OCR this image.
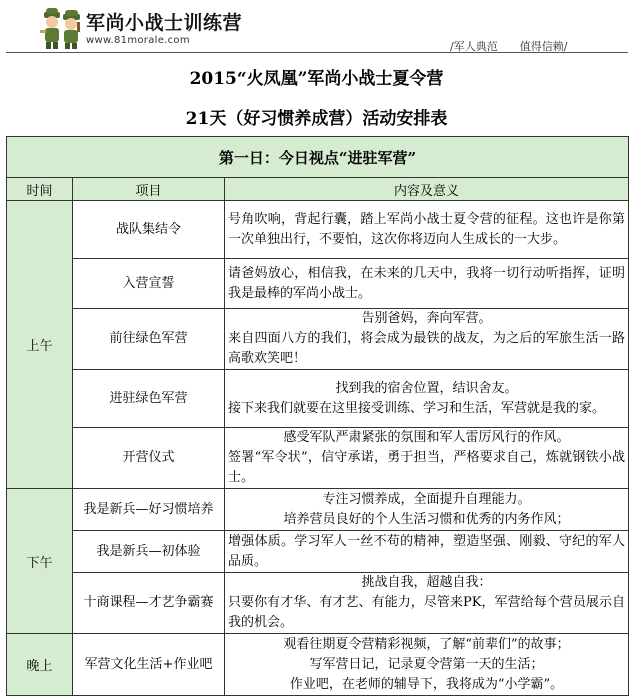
军尚小战士训练营
www.81morale.com	/军人典范　　值得信赖/
2015“火凤凰”军尚小战士夏令营
21天（好习惯养成营）活动安排表
第一日：今日视点“进驻军营”		
时间	项目	内容及意义
上午	战队集结令	号角吹响，背起行囊，踏上军尚小战士夏令营的征程。这也许是你第一次单独出行，不要怕，这次你将迈向人生成长的一大步。

	入营宣誓	请爸妈放心，相信我，在未来的几天中，我将一切行动听指挥，证明我是最棒的军尚小战士。

	前往绿色军营	告别爸妈，奔向军营。
来自四面八方的我们，将会成为最铁的战友，为之后的军旅生活一路高歌欢笑吧！

	进驻绿色军营	找到我的宿舍位置，结识舍友。
接下来我们就要在这里接受训练、学习和生活，军营就是我的家。

	开营仪式	感受军队严肃紧张的氛围和军人雷厉风行的作风。
签署“军令状”，信守承诺，勇于担当，严格要求自己，炼就钢铁小战士。

下午	我是新兵—好习惯培养	专注习惯养成，全面提升自理能力。
培养营员良好的个人生活习惯和优秀的内务作风；

	我是新兵—初体验	增强体质。学习军人一丝不苟的精神，塑造坚强、刚毅、守纪的军人品质。

	十商课程—才艺争霸赛	挑战自我，超越自我：
只要你有才华、有才艺、有能力，尽管来PK，军营给每个营员展示自我的机会。

晚上	军营文化生活+作业吧	观看往期夏令营精彩视频，了解“前辈们”的故事；
写军营日记，记录夏令营第一天的生活；
作业吧，在老师的辅导下，我将成为“小学霸”。
